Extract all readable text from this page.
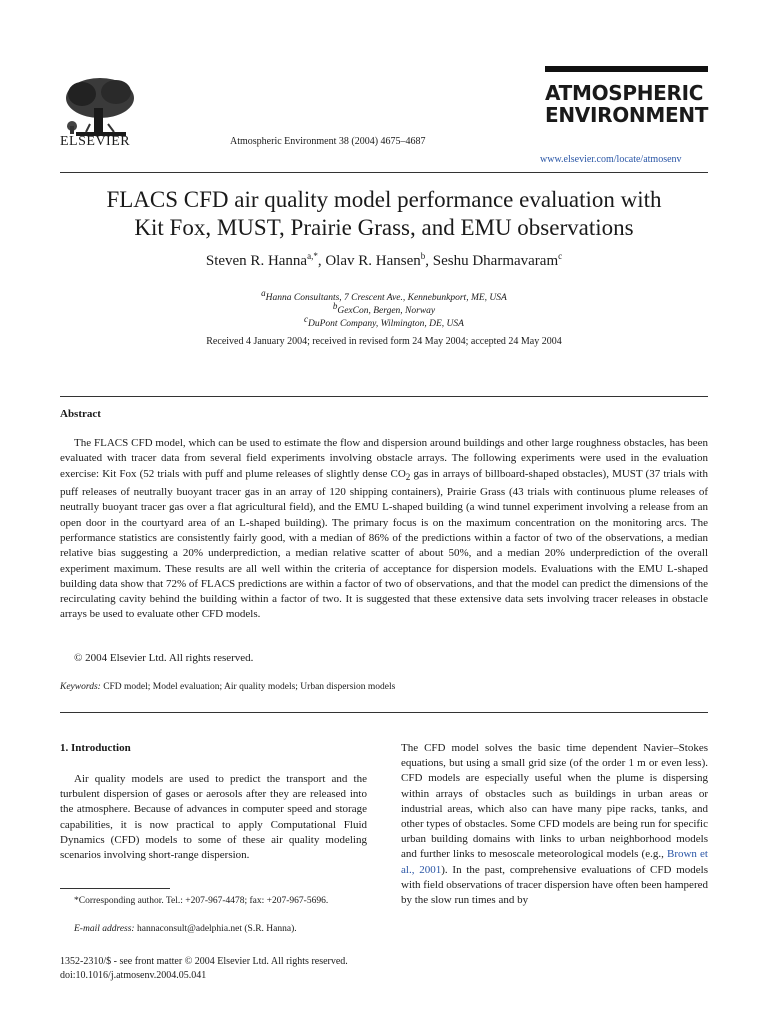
ELSEVIER	Atmospheric Environment 38 (2004) 4675–4687
ATMOSPHERIC
ENVIRONMENT
www.elsevier.com/locate/atmosenv
FLACS CFD air quality model performance evaluation with
Kit Fox, MUST, Prairie Grass, and EMU observations
Steven R. Hanna$^{a,*}$, Olav R. Hansen$^b$, Seshu Dharmavaram$^c$
$^a$Hanna Consultants, 7 Crescent Ave., Kennebunkport, ME, USA
$^b$GexCon, Bergen, Norway
$^c$DuPont Company, Wilmington, DE, USA
Received 4 January 2004; received in revised form 24 May 2004; accepted 24 May 2004
Abstract

The FLACS CFD model, which can be used to estimate the flow and dispersion around buildings and other large roughness obstacles, has been evaluated with tracer data from several field experiments involving obstacle arrays. The following experiments were used in the evaluation exercise: Kit Fox (52 trials with puff and plume releases of slightly dense $CO_2$ gas in arrays of billboard-shaped obstacles), MUST (37 trials with puff releases of neutrally buoyant tracer gas in an array of 120 shipping containers), Prairie Grass (43 trials with continuous plume releases of neutrally buoyant tracer gas over a flat agricultural field), and the EMU L-shaped building (a wind tunnel experiment involving a release from an open door in the courtyard area of an L-shaped building). The primary focus is on the maximum concentration on the monitoring arcs. The performance statistics are consistently fairly good, with a median of 86% of the predictions within a factor of two of the observations, a median relative bias suggesting a 20% underprediction, a median relative scatter of about 50%, and a median 20% underprediction of the overall experiment maximum. These results are all well within the criteria of acceptance for dispersion models. Evaluations with the EMU L-shaped building data show that 72% of FLACS predictions are within a factor of two of observations, and that the model can predict the dimensions of the recirculating cavity behind the building within a factor of two. It is suggested that these extensive data sets involving tracer releases in obstacle arrays be used to evaluate other CFD models.

© 2004 Elsevier Ltd. All rights reserved.
Keywords: CFD model; Model evaluation; Air quality models; Urban dispersion models
1. Introduction

Air quality models are used to predict the transport and the turbulent dispersion of gases or aerosols after they are released into the atmosphere. Because of advances in computer speed and storage capabilities, it is now practical to apply Computational Fluid Dynamics (CFD) models to some of these air quality modeling scenarios involving short-range dispersion.

The CFD model solves the basic time dependent Navier–Stokes equations, but using a small grid size (of the order 1 m or even less). CFD models are especially useful when the plume is dispersing within arrays of obstacles such as buildings in urban areas or industrial areas, which also can have many pipe racks, tanks, and other types of obstacles. Some CFD models are being run for specific urban building domains with links to urban neighborhood models and further links to mesoscale meteorological models (e.g., Brown et al., 2001). In the past, comprehensive evaluations of CFD models with field observations of tracer dispersion have often been hampered by the slow run times and by

*Corresponding author. Tel.: +207-967-4478; fax: +207-967-5696.
E-mail address: hannaconsult@adelphia.net (S.R. Hanna).
1352-2310/$ - see front matter © 2004 Elsevier Ltd. All rights reserved.
doi:10.1016/j.atmosenv.2004.05.041
